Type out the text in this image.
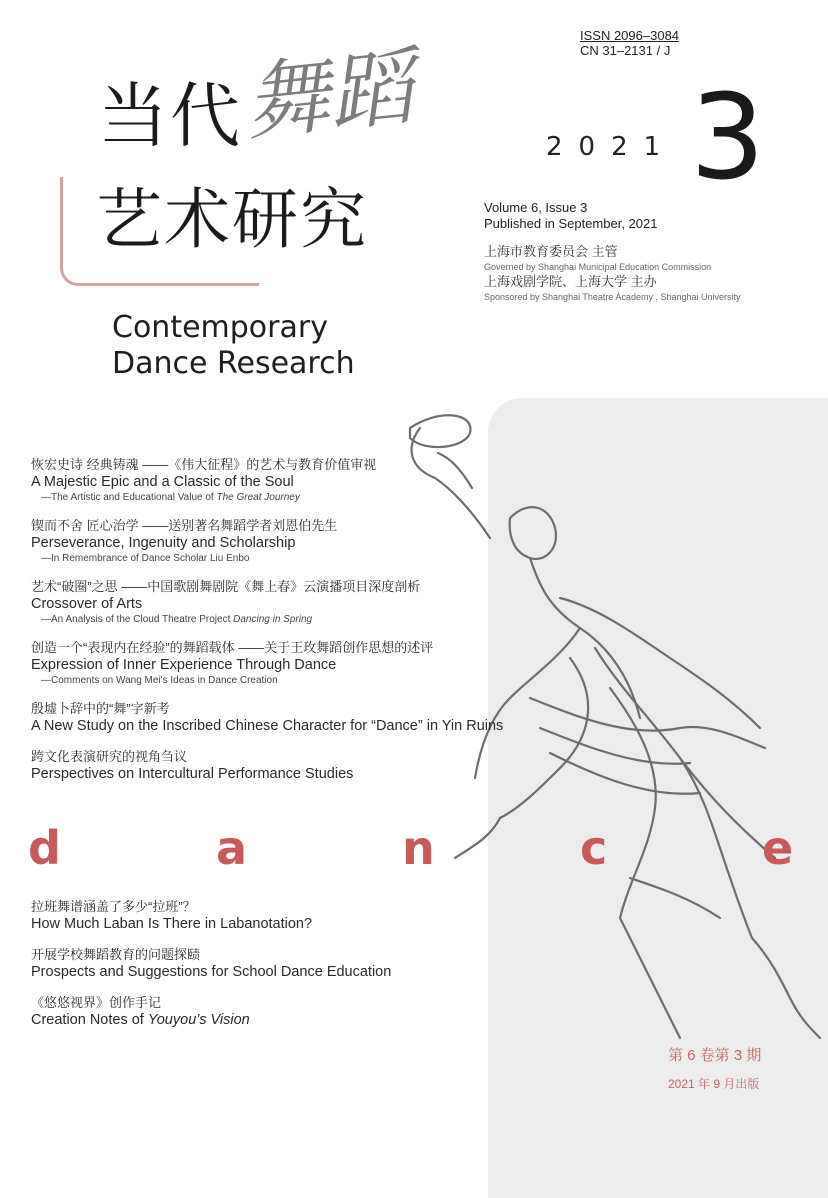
ISSN 2096–3084
CN 31–2131 / J
当代
舞蹈
艺术研究
Contemporary
Dance Research
2021 3
Volume 6, Issue 3
Published in September, 2021
上海市教育委员会 主管
Governed by Shanghai Municipal Education Commission
上海戏剧学院、上海大学 主办
Sponsored by Shanghai Theatre Academy , Shanghai University
恢宏史诗 经典铸魂 ——《伟大征程》的艺术与教育价值审视
A Majestic Epic and a Classic of the Soul
—The Artistic and Educational Value of The Great Journey
锲而不舍 匠心治学 ——送别著名舞蹈学者刘恩伯先生
Perseverance, Ingenuity and Scholarship
—In Remembrance of Dance Scholar Liu Enbo
艺术“破圈”之思 ——中国歌剧舞剧院《舞上春》云演播项目深度剖析
Crossover of Arts
—An Analysis of the Cloud Theatre Project Dancing in Spring
创造一个“表现内在经验”的舞蹈载体 ——关于王玫舞蹈创作思想的述评
Expression of Inner Experience Through Dance
—Comments on Wang Mei's Ideas in Dance Creation
殷墟卜辞中的“舞”字新考
A New Study on the Inscribed Chinese Character for “Dance” in Yin Ruins
跨文化表演研究的视角刍议
Perspectives on Intercultural Performance Studies
d	a	n	c	e
拉班舞谱涵盖了多少“拉班”？
How Much Laban Is There in Labanotation?
开展学校舞蹈教育的问题探赜
Prospects and Suggestions for School Dance Education
《悠悠视界》创作手记
Creation Notes of Youyou’s Vision
第 6 卷第 3 期
2021 年 9 月出版
